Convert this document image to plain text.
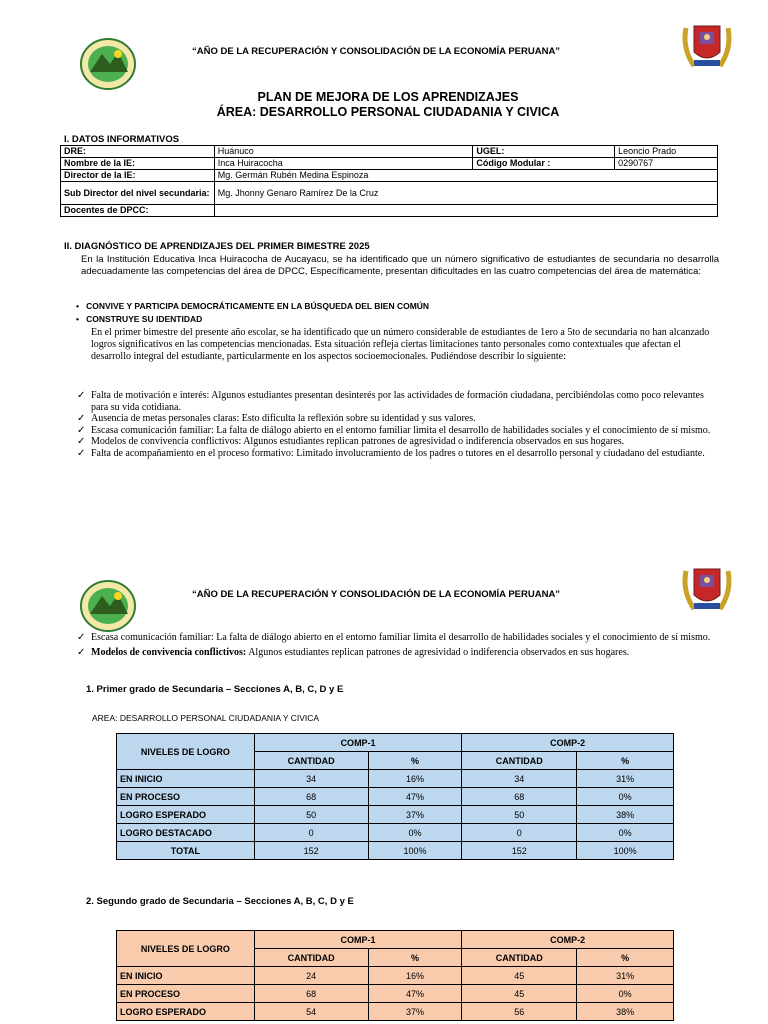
“AÑO DE LA RECUPERACIÓN Y CONSOLIDACIÓN DE LA ECONOMÍA PERUANA”
PLAN DE MEJORA DE LOS APRENDIZAJES
ÁREA: DESARROLLO PERSONAL CIUDADANIA Y CIVICA
I. DATOS INFORMATIVOS
DRE:	Huánuco	UGEL:	Leoncio Prado
Nombre de la IE:	Inca Huiracocha	Código Modular :	0290767
Director de la IE:	Mg. Germán Rubén Medina Espinoza		
Sub Director del nivel secundaria:	Mg. Jhonny Genaro Ramírez De la Cruz		
Docentes de DPCC:			
II. DIAGNÓSTICO DE APRENDIZAJES DEL PRIMER BIMESTRE 2025
En la Institución Educativa Inca Huiracocha de Aucayacu, se ha identificado que un número significativo de estudiantes de secundaria no desarrolla adecuadamente las competencias del área de DPCC, Específicamente, presentan dificultades en las cuatro competencias del área de matemática:
•   CONVIVE Y PARTICIPA DEMOCRÁTICAMENTE EN LA BÚSQUEDA DEL BIEN COMÚN
•   CONSTRUYE SU IDENTIDAD
En el primer bimestre del presente año escolar, se ha identificado que un número considerable de estudiantes de 1ero a 5to de secundaria no han alcanzado logros significativos en las competencias mencionadas. Esta situación refleja ciertas limitaciones tanto personales como contextuales que afectan el desarrollo integral del estudiante, particularmente en los aspectos socioemocionales. Pudiéndose describir lo siguiente:
✓ Falta de motivación e interés: Algunos estudiantes presentan desinterés por las actividades de formación ciudadana, percibiéndolas como poco relevantes para su vida cotidiana.
✓ Ausencia de metas personales claras: Esto dificulta la reflexión sobre su identidad y sus valores.
✓ Escasa comunicación familiar: La falta de diálogo abierto en el entorno familiar limita el desarrollo de habilidades sociales y el conocimiento de sí mismo.
✓ Modelos de convivencia conflictivos: Algunos estudiantes replican patrones de agresividad o indiferencia observados en sus hogares.
✓ Falta de acompañamiento en el proceso formativo: Limitado involucramiento de los padres o tutores en el desarrollo personal y ciudadano del estudiante.
“AÑO DE LA RECUPERACIÓN Y CONSOLIDACIÓN DE LA ECONOMÍA PERUANA”
✓ Escasa comunicación familiar: La falta de diálogo abierto en el entorno familiar limita el desarrollo de habilidades sociales y el conocimiento de sí mismo.
✓ Modelos de convivencia conflictivos: Algunos estudiantes replican patrones de agresividad o indiferencia observados en sus hogares.
1. Primer grado de Secundaria – Secciones A, B, C, D y E
AREA: DESARROLLO PERSONAL CIUDADANIA Y CIVICA
NIVELES DE LOGRO	COMP-1		COMP-2	
	CANTIDAD	%	CANTIDAD	%
EN INICIO	34	16%	34	31%
EN PROCESO	68	47%	68	0%
LOGRO ESPERADO	50	37%	50	38%
LOGRO DESTACADO	0	0%	0	0%
TOTAL	152	100%	152	100%
2. Segundo grado de Secundaria – Secciones A, B, C, D y E
NIVELES DE LOGRO	COMP-1		COMP-2	
	CANTIDAD	%	CANTIDAD	%
EN INICIO	24	16%	45	31%
EN PROCESO	68	47%	45	0%
LOGRO ESPERADO	54	37%	56	38%
